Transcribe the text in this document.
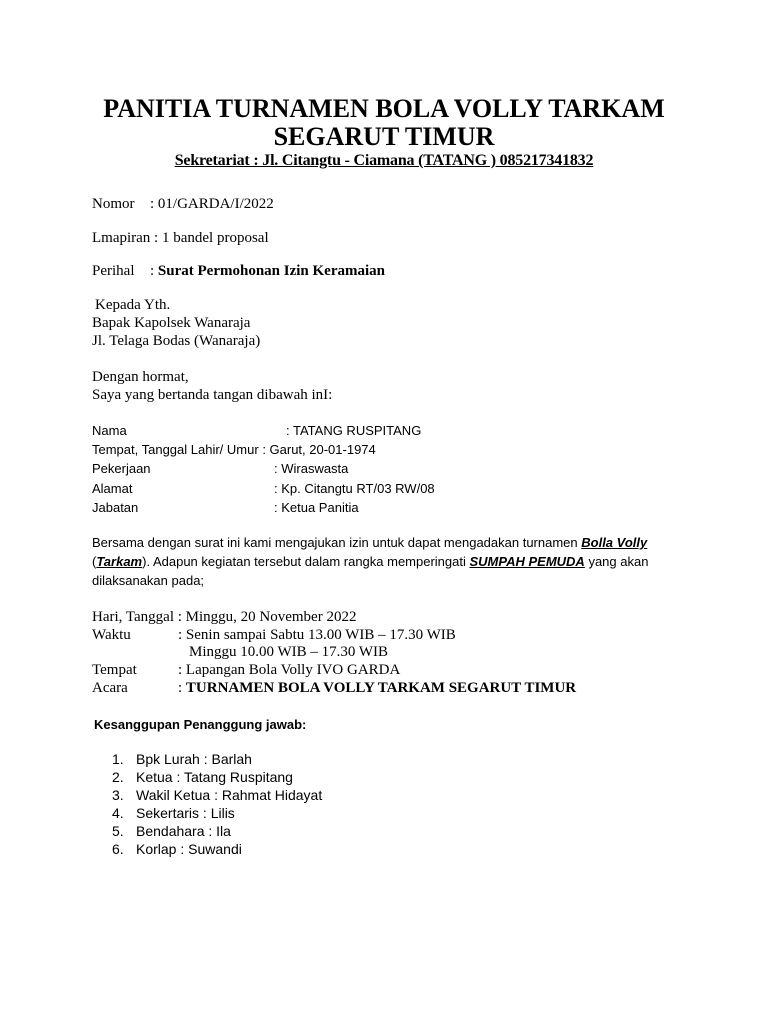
PANITIA TURNAMEN BOLA VOLLY TARKAM
SEGARUT TIMUR
Sekretariat : Jl. Citangtu - Ciamana (TATANG ) 085217341832
Nomor : 01/GARDA/I/2022
Lmapiran : 1 bandel proposal
Perihal : Surat Permohonan Izin Keramaian
Kepada Yth.
Bapak Kapolsek Wanaraja
Jl. Telaga Bodas (Wanaraja)
Dengan hormat,
Saya yang bertanda tangan dibawah inI:
Nama	: TATANG RUSPITANG
Tempat, Tanggal Lahir/ Umur : Garut, 20-01-1974
Pekerjaan	: Wiraswasta
Alamat	: Kp. Citangtu RT/03 RW/08
Jabatan	: Ketua Panitia
Bersama dengan surat ini kami mengajukan izin untuk dapat mengadakan turnamen Bolla Volly
(Tarkam). Adapun kegiatan tersebut dalam rangka memperingati SUMPAH PEMUDA yang akan
dilaksanakan pada;
Hari, Tanggal : Minggu, 20 November 2022
Waktu	: Senin sampai Sabtu 13.00 WIB – 17.30 WIB
Minggu 10.00 WIB – 17.30 WIB
Tempat	: Lapangan Bola Volly IVO GARDA
Acara	: TURNAMEN BOLA VOLLY TARKAM SEGARUT TIMUR
Kesanggupan Penanggung jawab:
1. Bpk Lurah : Barlah
2. Ketua : Tatang Ruspitang
3. Wakil Ketua : Rahmat Hidayat
4. Sekertaris : Lilis
5. Bendahara : Ila
6. Korlap : Suwandi
